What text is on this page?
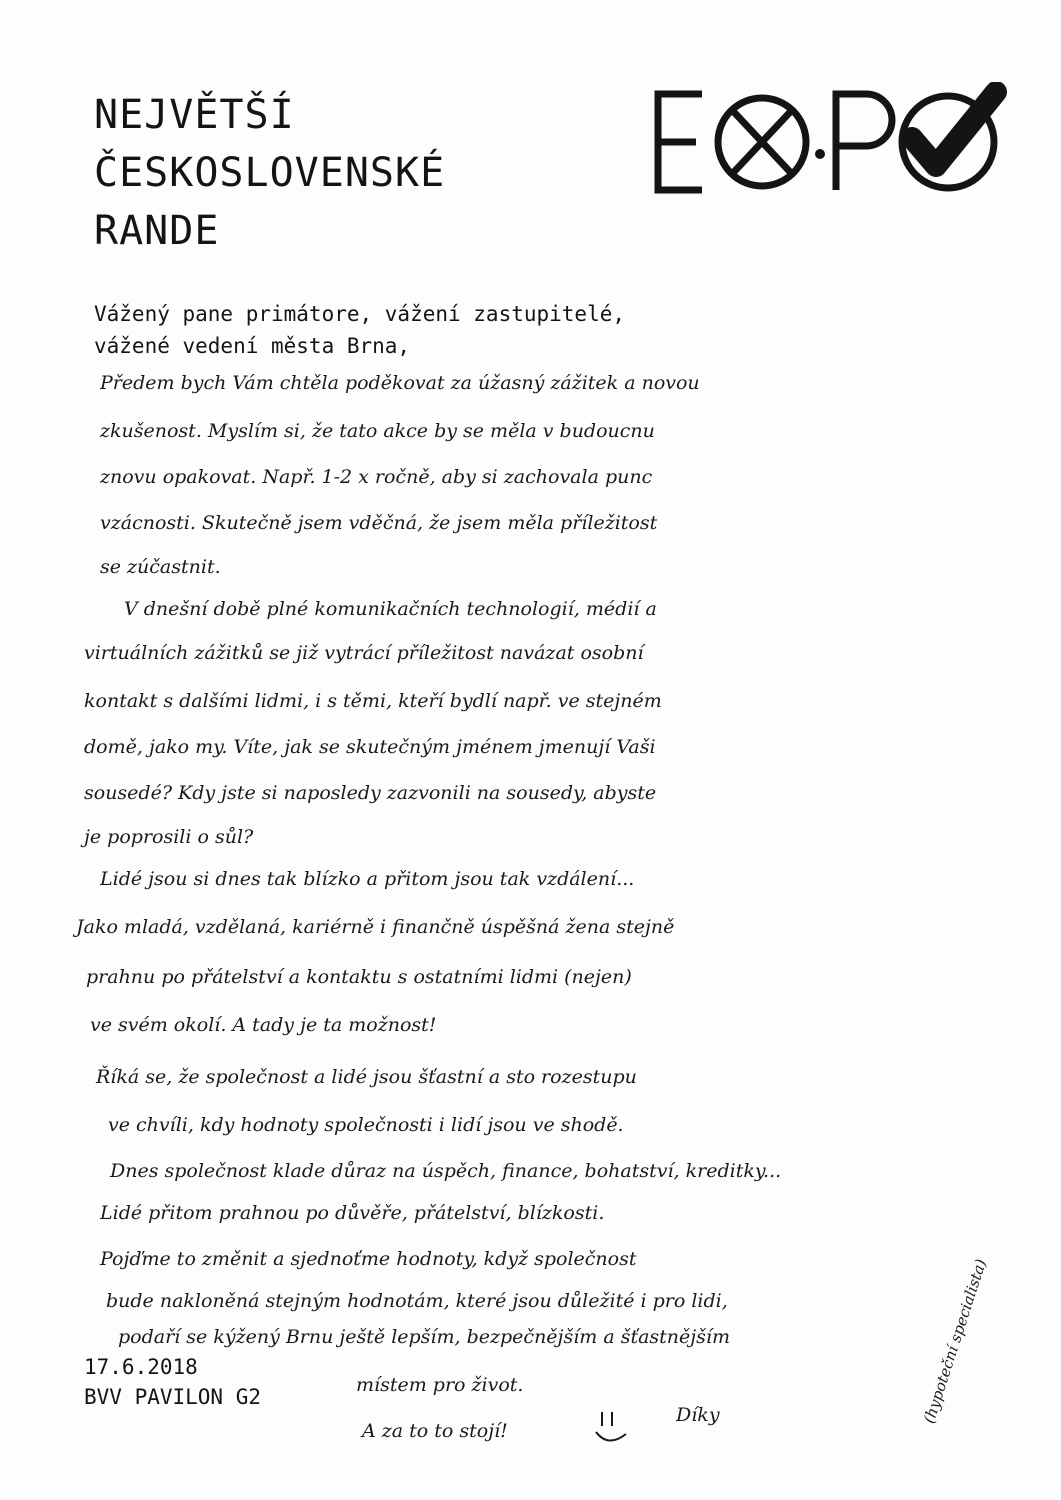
NEJVĚTŠÍ
ČESKOSLOVENSKÉ
RANDE
Vážený pane primátore, vážení zastupitelé,
vážené vedení města Brna,
Předem bych Vám chtěla poděkovat za úžasný zážitek a novou
zkušenost. Myslím si, že tato akce by se měla v budoucnu
znovu opakovat. Např. 1-2 x ročně, aby si zachovala punc
vzácnosti. Skutečně jsem vděčná, že jsem měla příležitost
se zúčastnit.
V dnešní době plné komunikačních technologií, médií a
virtuálních zážitků se již vytrácí příležitost navázat osobní
kontakt s dalšími lidmi, i s těmi, kteří bydlí např. ve stejném
domě, jako my. Víte, jak se skutečným jménem jmenují Vaši
sousedé? Kdy jste si naposledy zazvonili na sousedy, abyste
je poprosili o sůl?
Lidé jsou si dnes tak blízko a přitom jsou tak vzdálení...
Jako mladá, vzdělaná, kariérně i finančně úspěšná žena stejně
prahnu po přátelství a kontaktu s ostatními lidmi (nejen)
ve svém okolí. A tady je ta možnost!
Říká se, že společnost a lidé jsou šťastní a sto rozestupu
ve chvíli, kdy hodnoty společnosti i lidí jsou ve shodě.
Dnes společnost klade důraz na úspěch, finance, bohatství, kreditky...
Lidé přitom prahnou po důvěře, přátelství, blízkosti.
Pojďme to změnit a sjednoťme hodnoty, když společnost
bude nakloněná stejným hodnotám, které jsou důležité i pro lidi,
podaří se kýžený Brnu ještě lepším, bezpečnějším a šťastnějším
místem pro život.
A za to to stojí!
Díky	(hypoteční specialista)
17.6.2018
BVV PAVILON G2
